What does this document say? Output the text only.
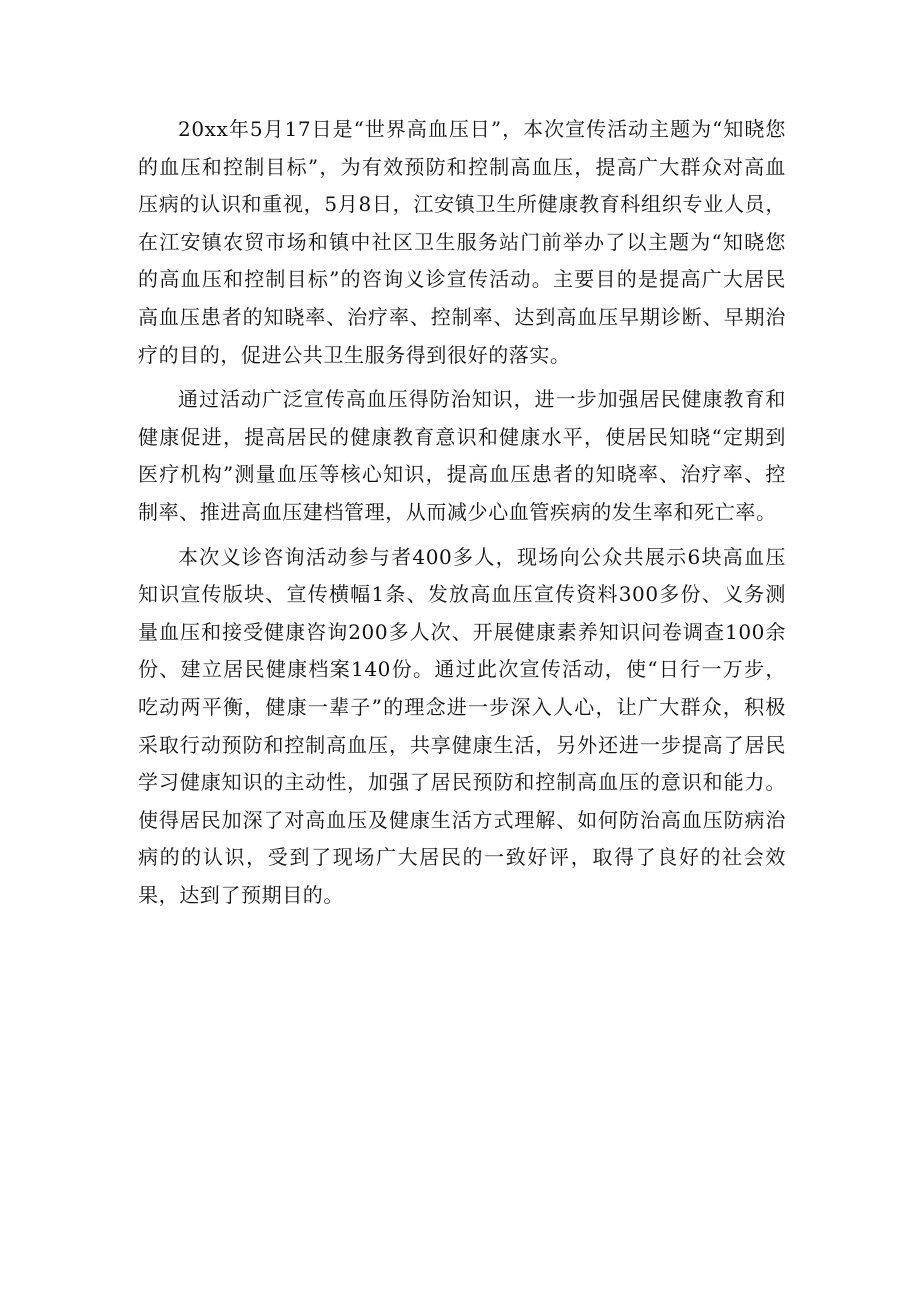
20xx年5月17日是“世界高血压日”，本次宣传活动主题为“知晓您的血压和控制目标”，为有效预防和控制高血压，提高广大群众对高血压病的认识和重视，5月8日，江安镇卫生所健康教育科组织专业人员，在江安镇农贸市场和镇中社区卫生服务站门前举办了以主题为“知晓您的高血压和控制目标”的咨询义诊宣传活动。主要目的是提高广大居民高血压患者的知晓率、治疗率、控制率、达到高血压早期诊断、早期治疗的目的，促进公共卫生服务得到很好的落实。

通过活动广泛宣传高血压得防治知识，进一步加强居民健康教育和健康促进，提高居民的健康教育意识和健康水平，使居民知晓“定期到医疗机构”测量血压等核心知识，提高血压患者的知晓率、治疗率、控制率、推进高血压建档管理，从而减少心血管疾病的发生率和死亡率。

本次义诊咨询活动参与者400多人，现场向公众共展示6块高血压知识宣传版块、宣传横幅1条、发放高血压宣传资料300多份、义务测量血压和接受健康咨询200多人次、开展健康素养知识问卷调查100余份、建立居民健康档案140份。通过此次宣传活动，使“日行一万步，吃动两平衡，健康一辈子”的理念进一步深入人心，让广大群众，积极采取行动预防和控制高血压，共享健康生活，另外还进一步提高了居民学习健康知识的主动性，加强了居民预防和控制高血压的意识和能力。使得居民加深了对高血压及健康生活方式理解、如何防治高血压防病治病的的认识，受到了现场广大居民的一致好评，取得了良好的社会效果，达到了预期目的。
